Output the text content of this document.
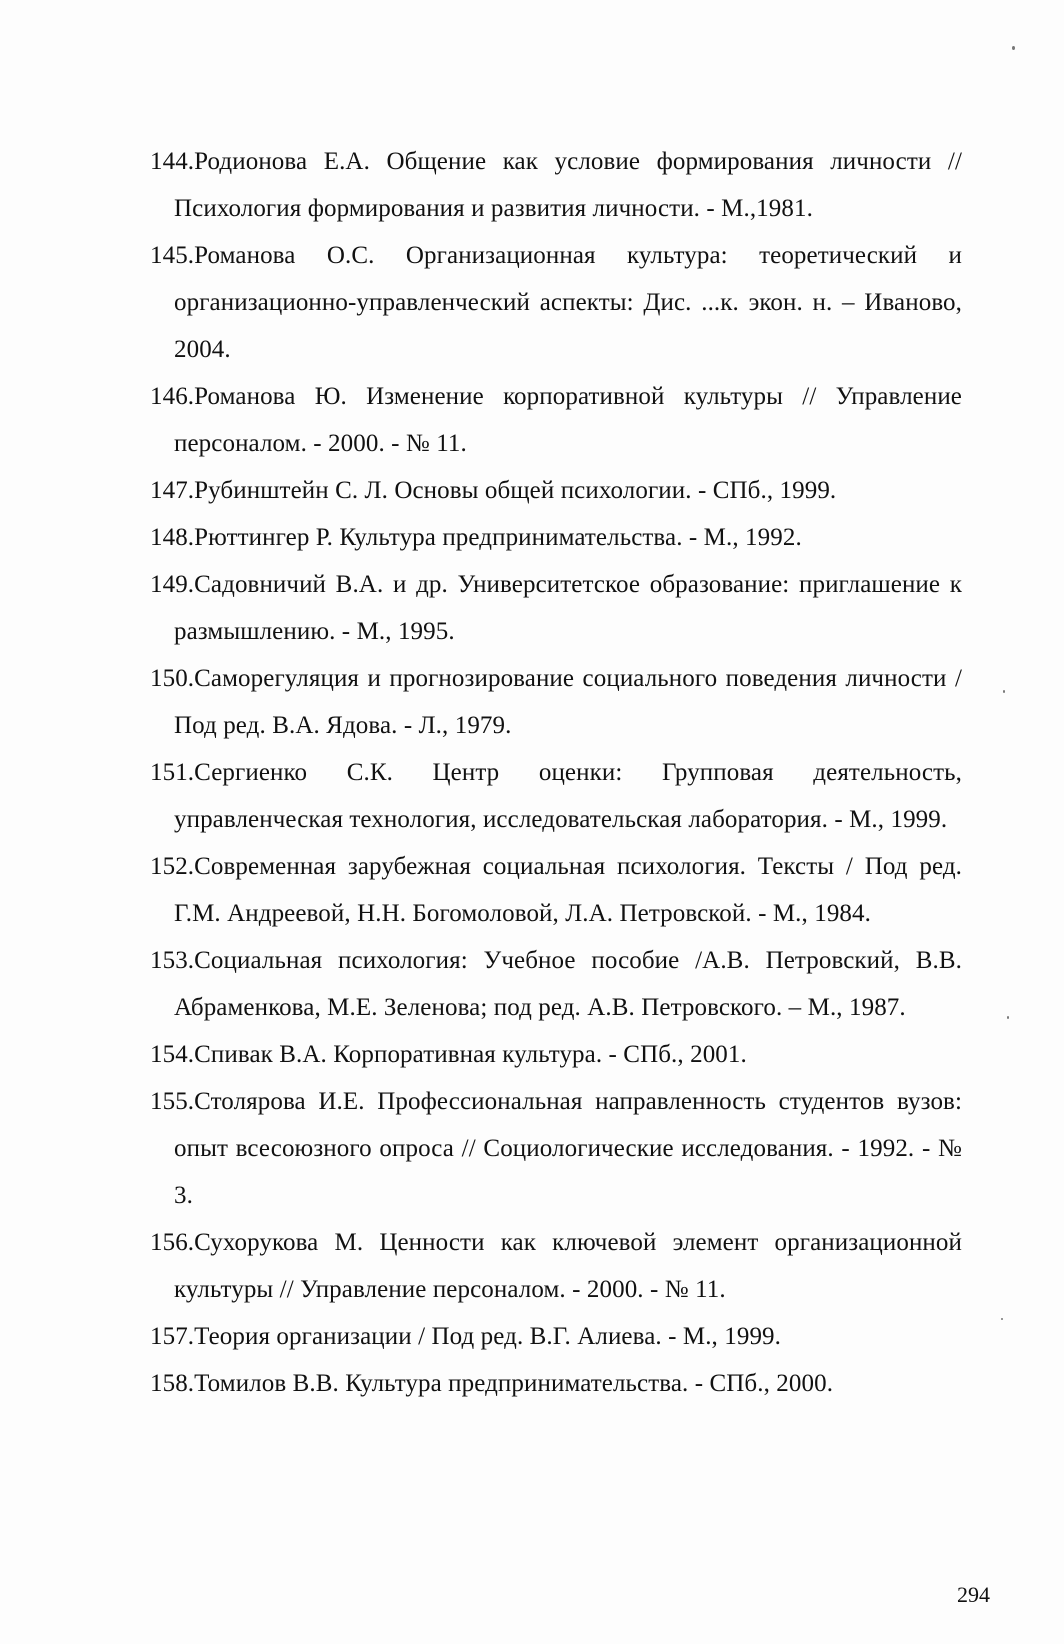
144.Родионова Е.А. Общение как условие формирования личности // Психология формирования и развития личности. - М.,1981.
145.Романова О.С. Организационная культура: теоретический и организационно-управленческий аспекты: Дис. ...к. экон. н. – Иваново, 2004.
146.Романова Ю. Изменение корпоративной культуры // Управление персоналом. - 2000. - № 11.
147.Рубинштейн С. Л. Основы общей психологии. - СПб., 1999.
148.Рюттингер Р. Культура предпринимательства. - М., 1992.
149.Садовничий В.А. и др. Университетское образование: приглашение к размышлению. - М., 1995.
150.Саморегуляция и прогнозирование социального поведения личности / Под ред. В.А. Ядова. - Л., 1979.
151.Сергиенко С.К. Центр оценки: Групповая деятельность, управленческая технология, исследовательская лаборатория. - М., 1999.
152.Современная зарубежная социальная психология. Тексты / Под ред. Г.М. Андреевой, Н.Н. Богомоловой, Л.А. Петровской. - М., 1984.
153.Социальная психология: Учебное пособие /А.В. Петровский, В.В. Абраменкова, М.Е. Зеленова; под ред. А.В. Петровского. – М., 1987.
154.Спивак В.А. Корпоративная культура. - СПб., 2001.
155.Столярова И.Е. Профессиональная направленность студентов вузов: опыт всесоюзного опроса // Социологические исследования. - 1992. - № 3.
156.Сухорукова М. Ценности как ключевой элемент организационной культуры // Управление персоналом. - 2000. - № 11.
157.Теория организации / Под ред. В.Г. Алиева. - М., 1999.
158.Томилов В.В. Культура предпринимательства. - СПб., 2000.
294
